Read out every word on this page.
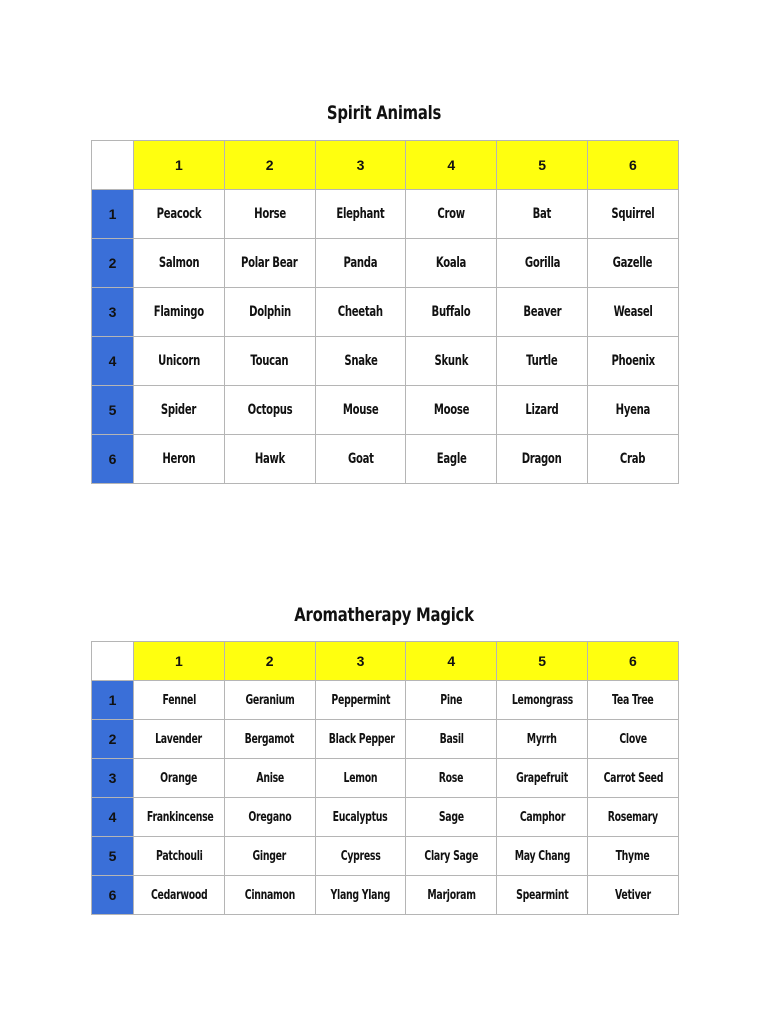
Spirit Animals
	1	2	3	4	5	6
1	Peacock	Horse	Elephant	Crow	Bat	Squirrel
2	Salmon	Polar Bear	Panda	Koala	Gorilla	Gazelle
3	Flamingo	Dolphin	Cheetah	Buffalo	Beaver	Weasel
4	Unicorn	Toucan	Snake	Skunk	Turtle	Phoenix
5	Spider	Octopus	Mouse	Moose	Lizard	Hyena
6	Heron	Hawk	Goat	Eagle	Dragon	Crab
Aromatherapy Magick
	1	2	3	4	5	6
1	Fennel	Geranium	Peppermint	Pine	Lemongrass	Tea Tree
2	Lavender	Bergamot	Black Pepper	Basil	Myrrh	Clove
3	Orange	Anise	Lemon	Rose	Grapefruit	Carrot Seed
4	Frankincense	Oregano	Eucalyptus	Sage	Camphor	Rosemary
5	Patchouli	Ginger	Cypress	Clary Sage	May Chang	Thyme
6	Cedarwood	Cinnamon	Ylang Ylang	Marjoram	Spearmint	Vetiver
